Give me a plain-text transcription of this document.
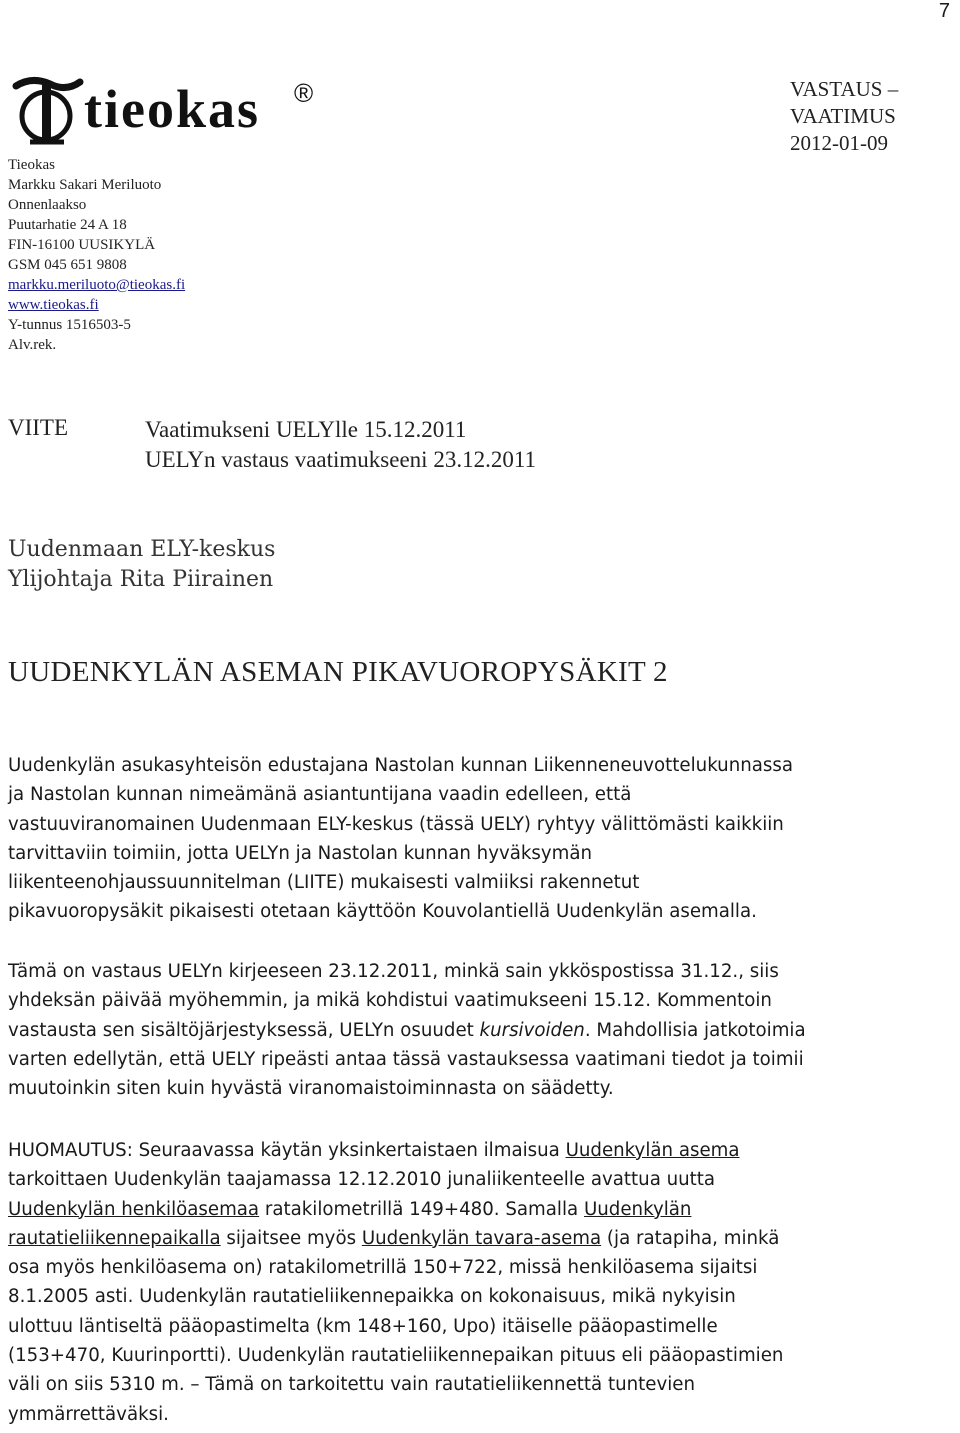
7
tieokas ®	VASTAUS –
VAATIMUS
2012-01-09
Tieokas
Markku Sakari Meriluoto
Onnenlaakso
Puutarhatie 24 A 18
FIN-16100 UUSIKYLÄ
GSM 045 651 9808
markku.meriluoto@tieokas.fi
www.tieokas.fi
Y-tunnus 1516503-5
Alv.rek.
VIITE	Vaatimukseni UELYlle 15.12.2011
UELYn vastaus vaatimukseeni 23.12.2011
Uudenmaan ELY-keskus
Ylijohtaja Rita Piirainen
UUDENKYLÄN ASEMAN PIKAVUOROPYSÄKIT 2
Uudenkylän asukasyhteisön edustajana Nastolan kunnan Liikenneneuvottelukunnassa
ja Nastolan kunnan nimeämänä asiantuntijana vaadin edelleen, että
vastuuviranomainen Uudenmaan ELY-keskus (tässä UELY) ryhtyy välittömästi kaikkiin
tarvittaviin toimiin, jotta UELYn ja Nastolan kunnan hyväksymän
liikenteenohjaussuunnitelman (LIITE) mukaisesti valmiiksi rakennetut
pikavuoropysäkit pikaisesti otetaan käyttöön Kouvolantiellä Uudenkylän asemalla.
Tämä on vastaus UELYn kirjeeseen 23.12.2011, minkä sain ykköspostissa 31.12., siis
yhdeksän päivää myöhemmin, ja mikä kohdistui vaatimukseeni 15.12. Kommentoin
vastausta sen sisältöjärjestyksessä, UELYn osuudet kursivoiden. Mahdollisia jatkotoimia
varten edellytän, että UELY ripeästi antaa tässä vastauksessa vaatimani tiedot ja toimii
muutoinkin siten kuin hyvästä viranomaistoiminnasta on säädetty.
HUOMAUTUS: Seuraavassa käytän yksinkertaistaen ilmaisua Uudenkylän asema
tarkoittaen Uudenkylän taajamassa 12.12.2010 junaliikenteelle avattua uutta
Uudenkylän henkilöasemaa ratakilometrillä 149+480. Samalla Uudenkylän
rautatieliikennepaikalla sijaitsee myös Uudenkylän tavara-asema (ja ratapiha, minkä
osa myös henkilöasema on) ratakilometrillä 150+722, missä henkilöasema sijaitsi
8.1.2005 asti. Uudenkylän rautatieliikennepaikka on kokonaisuus, mikä nykyisin
ulottuu läntiseltä pääopastimelta (km 148+160, Upo) itäiselle pääopastimelle
(153+470, Kuurinportti). Uudenkylän rautatieliikennepaikan pituus eli pääopastimien
väli on siis 5310 m. – Tämä on tarkoitettu vain rautatieliikennettä tuntevien
ymmärrettäväksi.
